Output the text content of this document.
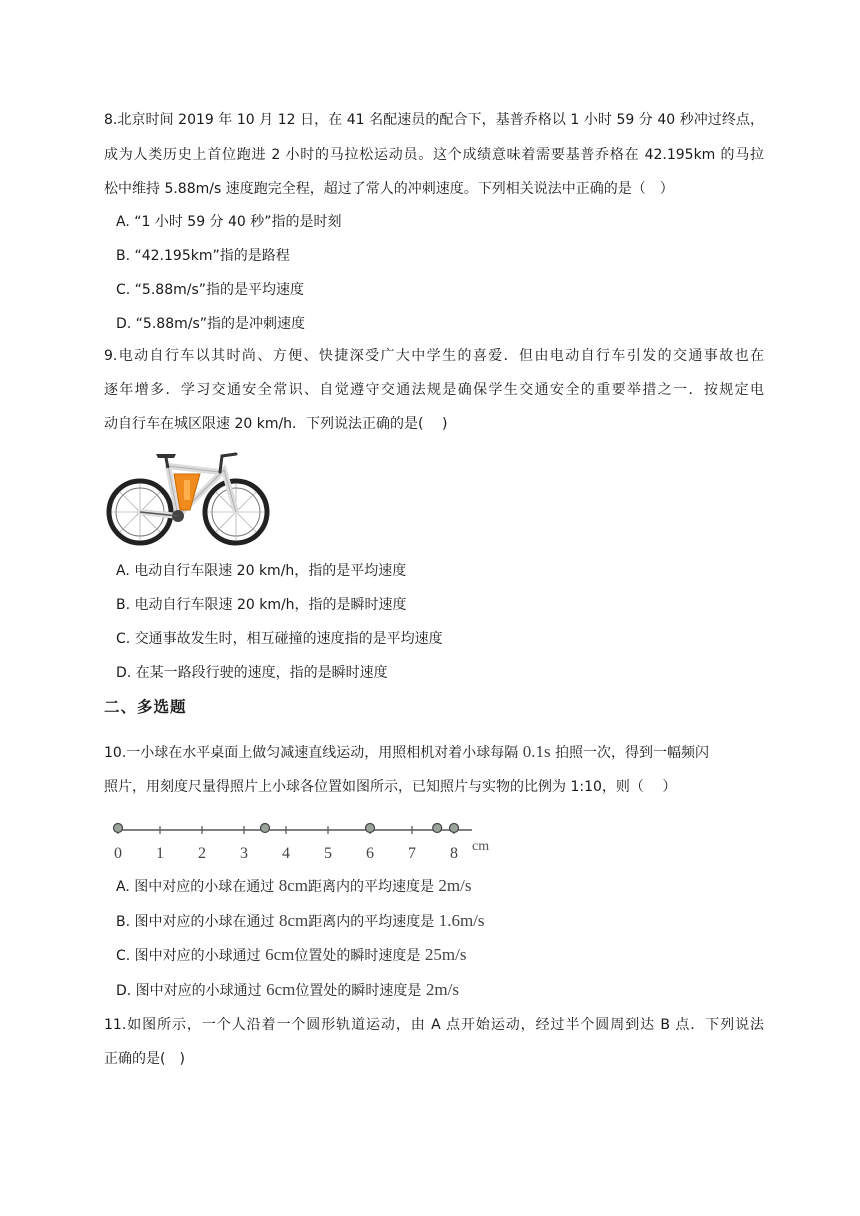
8.北京时间 2019 年 10 月 12 日，在 41 名配速员的配合下，基普乔格以 1 小时 59 分 40 秒冲过终点，
成为人类历史上首位跑进 2 小时的马拉松运动员。这个成绩意味着需要基普乔格在 42.195km 的马拉
松中维持 5.88m/s 速度跑完全程，超过了常人的冲刺速度。下列相关说法中正确的是（　）
A. “1 小时 59 分 40 秒”指的是时刻
B. “42.195km”指的是路程
C. “5.88m/s”指的是平均速度
D. “5.88m/s”指的是冲刺速度
9.电动自行车以其时尚、方便、快捷深受广大中学生的喜爱．但由电动自行车引发的交通事故也在
逐年增多．学习交通安全常识、自觉遵守交通法规是确保学生交通安全的重要举措之一．按规定电
动自行车在城区限速 20 km/h．下列说法正确的是(　 )
A. 电动自行车限速 20 km/h，指的是平均速度
B. 电动自行车限速 20 km/h，指的是瞬时速度
C. 交通事故发生时，相互碰撞的速度指的是平均速度
D. 在某一路段行驶的速度，指的是瞬时速度
二、多选题
10.一小球在水平桌面上做匀减速直线运动，用照相机对着小球每隔 0.1s 拍照一次，得到一幅频闪
照片，用刻度尺量得照片上小球各位置如图所示，已知照片与实物的比例为 1:10，则（　 ）
0 1 2 3 4 5 6 7 8 cm
A. 图中对应的小球在通过 8cm距离内的平均速度是 2m/s
B. 图中对应的小球在通过 8cm距离内的平均速度是 1.6m/s
C. 图中对应的小球通过 6cm位置处的瞬时速度是 25m/s
D. 图中对应的小球通过 6cm位置处的瞬时速度是 2m/s
11.如图所示，一个人沿着一个圆形轨道运动，由 A 点开始运动，经过半个圆周到达 B 点．下列说法
正确的是(　)
